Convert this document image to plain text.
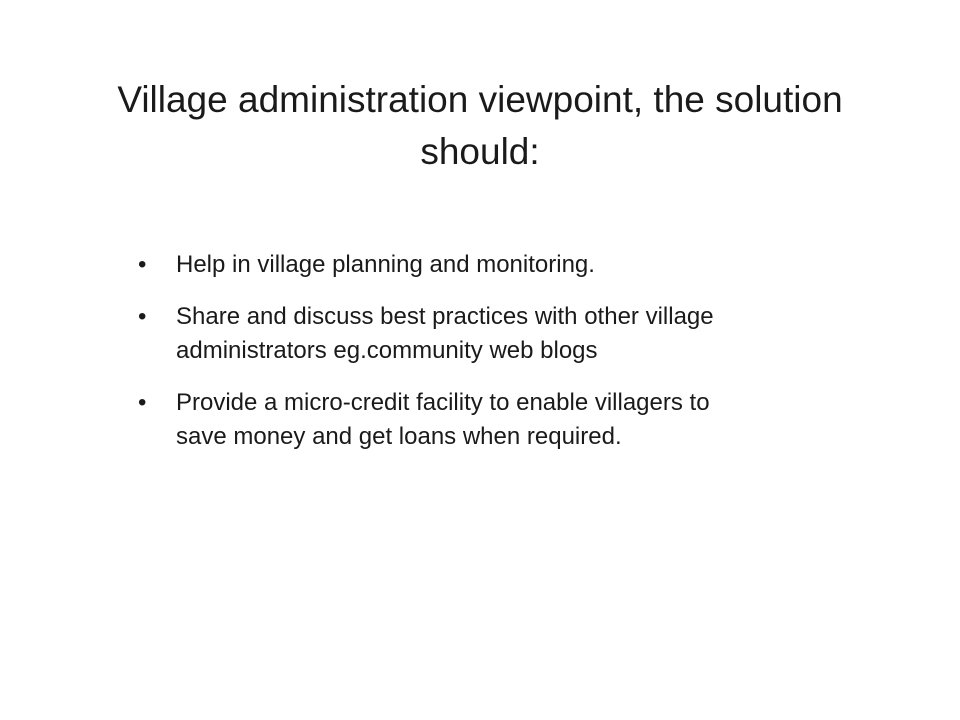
Village administration viewpoint, the solution
should:
•	Help in village planning and monitoring.
•	Share and discuss best practices with other village
administrators eg.community web blogs
•	Provide a micro-credit facility to enable villagers to
save money and get loans when required.
